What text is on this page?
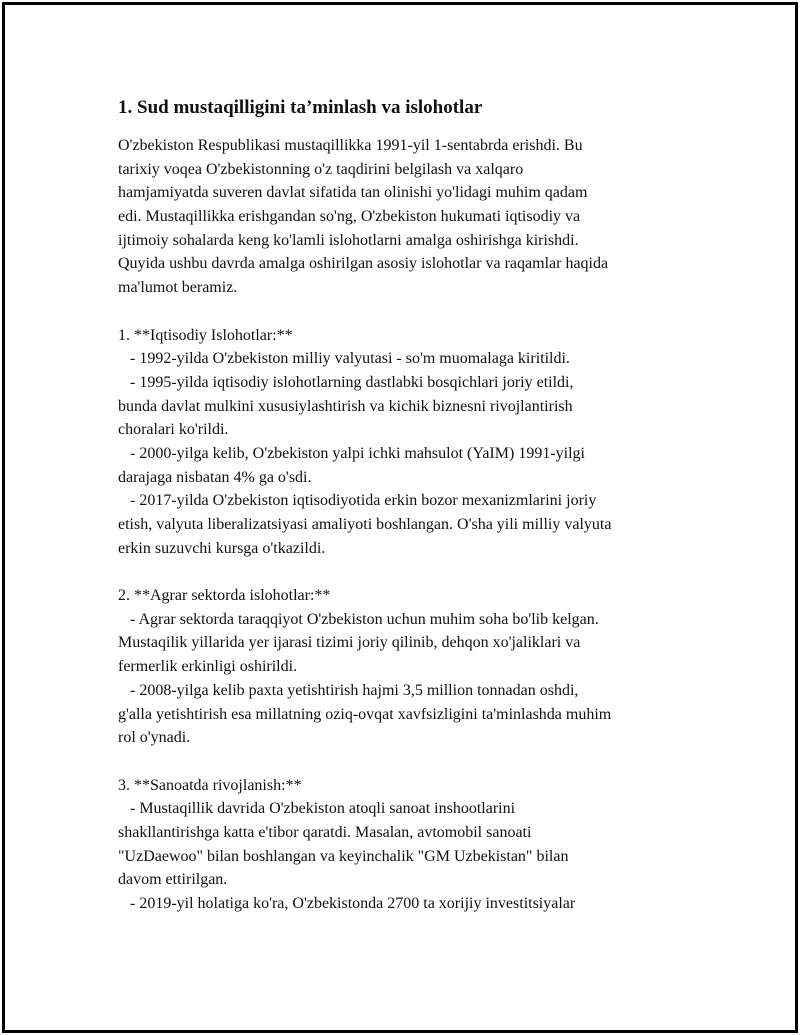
1. Sud mustaqilligini ta’minlash va islohotlar
O'zbekiston Respublikasi mustaqillikka 1991-yil 1-sentabrda erishdi. Bu
tarixiy voqea O'zbekistonning o'z taqdirini belgilash va xalqaro
hamjamiyatda suveren davlat sifatida tan olinishi yo'lidagi muhim qadam
edi. Mustaqillikka erishgandan so'ng, O'zbekiston hukumati iqtisodiy va
ijtimoiy sohalarda keng ko'lamli islohotlarni amalga oshirishga kirishdi.
Quyida ushbu davrda amalga oshirilgan asosiy islohotlar va raqamlar haqida
ma'lumot beramiz.
1. **Iqtisodiy Islohotlar:**
- 1992-yilda O'zbekiston milliy valyutasi - so'm muomalaga kiritildi.
- 1995-yilda iqtisodiy islohotlarning dastlabki bosqichlari joriy etildi,
bunda davlat mulkini xususiylashtirish va kichik biznesni rivojlantirish
choralari ko'rildi.
- 2000-yilga kelib, O'zbekiston yalpi ichki mahsulot (YaIM) 1991-yilgi
darajaga nisbatan 4% ga o'sdi.
- 2017-yilda O'zbekiston iqtisodiyotida erkin bozor mexanizmlarini joriy
etish, valyuta liberalizatsiyasi amaliyoti boshlangan. O'sha yili milliy valyuta
erkin suzuvchi kursga o'tkazildi.
2. **Agrar sektorda islohotlar:**
- Agrar sektorda taraqqiyot O'zbekiston uchun muhim soha bo'lib kelgan.
Mustaqilik yillarida yer ijarasi tizimi joriy qilinib, dehqon xo'jaliklari va
fermerlik erkinligi oshirildi.
- 2008-yilga kelib paxta yetishtirish hajmi 3,5 million tonnadan oshdi,
g'alla yetishtirish esa millatning oziq-ovqat xavfsizligini ta'minlashda muhim
rol o'ynadi.
3. **Sanoatda rivojlanish:**
- Mustaqillik davrida O'zbekiston atoqli sanoat inshootlarini
shakllantirishga katta e'tibor qaratdi. Masalan, avtomobil sanoati
"UzDaewoo" bilan boshlangan va keyinchalik "GM Uzbekistan" bilan
davom ettirilgan.
- 2019-yil holatiga ko'ra, O'zbekistonda 2700 ta xorijiy investitsiyalar
